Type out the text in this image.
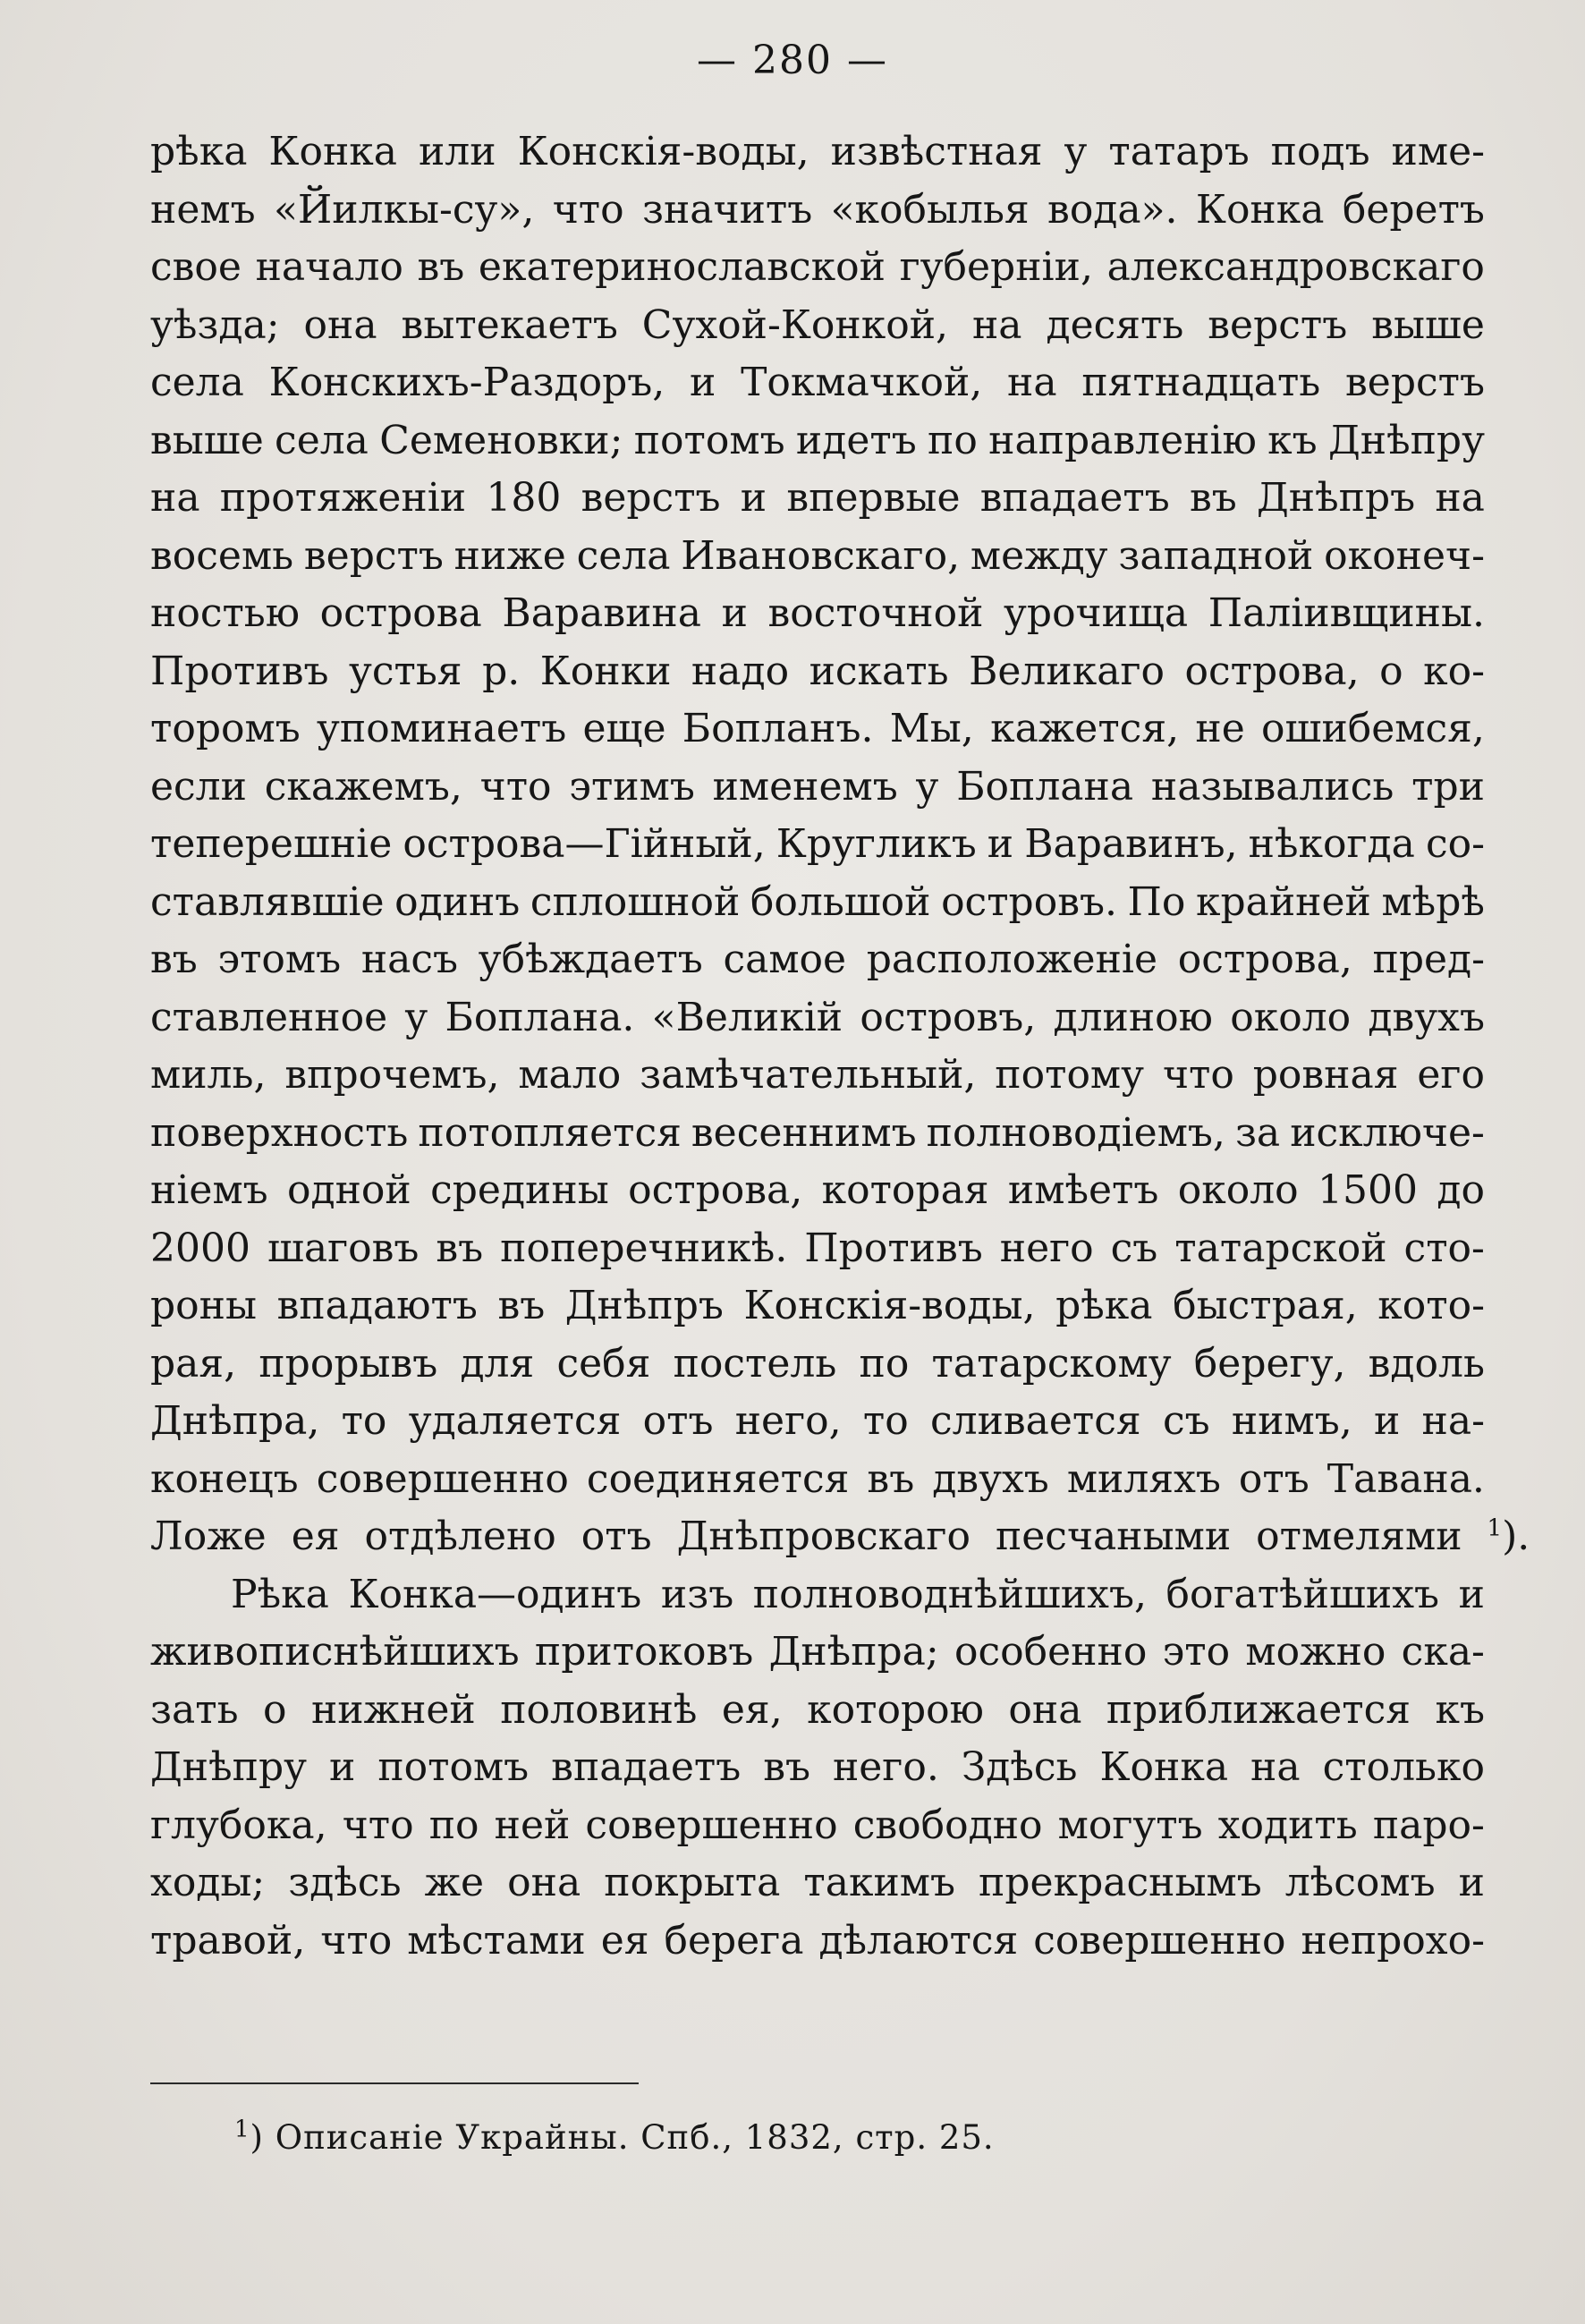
— 280 —
рѣка Конка или Конскія-воды, извѣстная у татаръ подъ име-
немъ «Йилкы-су», что значитъ «кобылья вода». Конка беретъ
свое начало въ екатеринославской губерніи, александровскаго
уѣзда; она вытекаетъ Сухой-Конкой, на десять верстъ выше
села Конскихъ-Раздоръ, и Токмачкой, на пятнадцать верстъ
выше села Семеновки; потомъ идетъ по направленію къ Днѣпру
на протяженіи 180 верстъ и впервые впадаетъ въ Днѣпръ на
восемь верстъ ниже села Ивановскаго, между западной оконеч-
ностью острова Варавина и восточной урочища Паліивщины.
Противъ устья р. Конки надо искать Великаго острова, о ко-
торомъ упоминаетъ еще Бопланъ. Мы, кажется, не ошибемся,
если скажемъ, что этимъ именемъ у Боплана назывались три
теперешніе острова—Гійный, Кругликъ и Варавинъ, нѣкогда со-
ставлявшіе одинъ сплошной большой островъ. По крайней мѣрѣ
въ этомъ насъ убѣждаетъ самое расположеніе острова, пред-
ставленное у Боплана. «Великій островъ, длиною около двухъ
миль, впрочемъ, мало замѣчательный, потому что ровная его
поверхность потопляется весеннимъ полноводіемъ, за исключе-
ніемъ одной средины острова, которая имѣетъ около 1500 до
2000 шаговъ въ поперечникѣ. Противъ него съ татарской сто-
роны впадаютъ въ Днѣпръ Конскія-воды, рѣка быстрая, кото-
рая, прорывъ для себя постель по татарскому берегу, вдоль
Днѣпра, то удаляется отъ него, то сливается съ нимъ, и на-
конецъ совершенно соединяется въ двухъ миляхъ отъ Тавана.
Ложе ея отдѣлено отъ Днѣпровскаго песчаными отмелями $^1$).
Рѣка Конка—одинъ изъ полноводнѣйшихъ, богатѣйшихъ и
живописнѣйшихъ притоковъ Днѣпра; особенно это можно ска-
зать о нижней половинѣ ея, которою она приближается къ
Днѣпру и потомъ впадаетъ въ него. Здѣсь Конка на столько
глубока, что по ней совершенно свободно могутъ ходить паро-
ходы; здѣсь же она покрыта такимъ прекраснымъ лѣсомъ и
травой, что мѣстами ея берега дѣлаются совершенно непрохо-
$^1$) Описаніе Украйны. Спб., 1832, стр. 25.
